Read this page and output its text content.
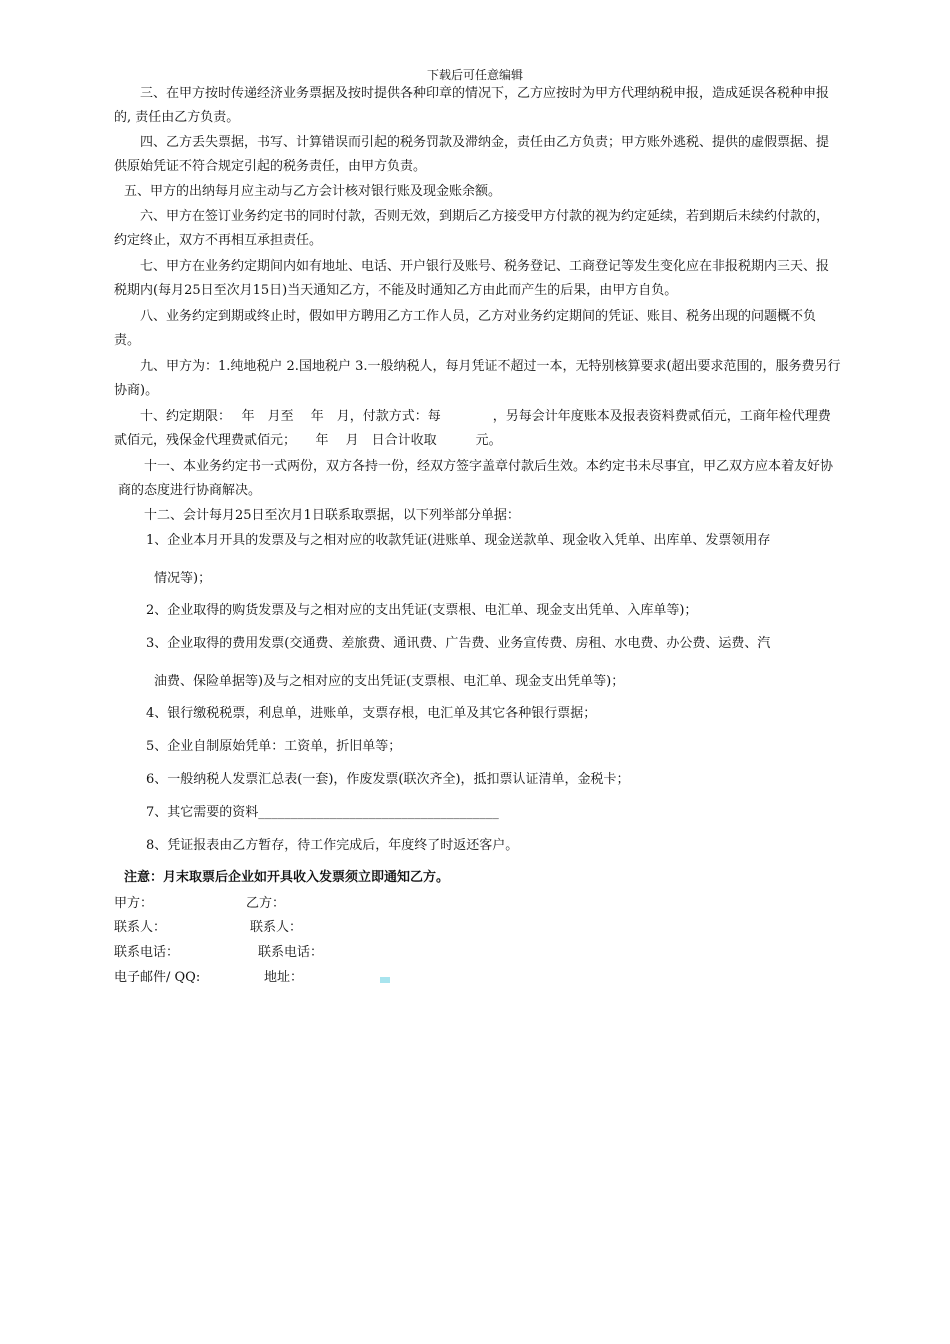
下载后可任意编辑
　　三、在甲方按时传递经济业务票据及按时提供各种印章的情况下，乙方应按时为甲方代理纳税申报，造成延误各税种申报的, 责任由乙方负责。
　　四、乙方丢失票据，书写、计算错误而引起的税务罚款及滞纳金，责任由乙方负责；甲方账外逃税、提供的虚假票据、提供原始凭证不符合规定引起的税务责任，由甲方负责。
五、甲方的出纳每月应主动与乙方会计核对银行账及现金账余额。
　　六、甲方在签订业务约定书的同时付款，否则无效，到期后乙方接受甲方付款的视为约定延续，若到期后未续约付款的，约定终止，双方不再相互承担责任。
　　七、甲方在业务约定期间内如有地址、电话、开户银行及账号、税务登记、工商登记等发生变化应在非报税期内三天、报税期内(每月25日至次月15日)当天通知乙方，不能及时通知乙方由此而产生的后果，由甲方自负。
　　八、业务约定到期或终止时，假如甲方聘用乙方工作人员，乙方对业务约定期间的凭证、账目、税务出现的问题概不负责。
　　九、甲方为：1.纯地税户 2.国地税户 3.一般纳税人，每月凭证不超过一本，无特别核算要求(超出要求范围的，服务费另行协商)。
　　十、约定期限：　 年　月至　 年　月，付款方式：每　　　　，另每会计年度账本及报表资料费贰佰元，工商年检代理费贰佰元，残保金代理费贰佰元；　　年　 月　日合计收取　　　元。
　　十一、本业务约定书一式两份，双方各持一份，经双方签字盖章付款后生效。本约定书未尽事宜，甲乙双方应本着友好协商的态度进行协商解决。
十二、会计每月25日至次月1日联系取票据，以下列举部分单据：
1、企业本月开具的发票及与之相对应的收款凭证(进账单、现金送款单、现金收入凭单、出库单、发票领用存
情况等)；
2、企业取得的购货发票及与之相对应的支出凭证(支票根、电汇单、现金支出凭单、入库单等)；
3、企业取得的费用发票(交通费、差旅费、通讯费、广告费、业务宣传费、房租、水电费、办公费、运费、汽
油费、保险单据等)及与之相对应的支出凭证(支票根、电汇单、现金支出凭单等)；
4、银行缴税税票，利息单，进账单，支票存根，电汇单及其它各种银行票据；
5、企业自制原始凭单：工资单，折旧单等；
6、一般纳税人发票汇总表(一套)，作废发票(联次齐全)，抵扣票认证清单，金税卡；
7、其它需要的资料_____________________________________
8、凭证报表由乙方暂存，待工作完成后，年度终了时返还客户。
注意：月末取票后企业如开具收入发票须立即通知乙方。
甲方：	乙方：
联系人：	联系人：
联系电话：	联系电话：
电子邮件/ QQ:	地址：
